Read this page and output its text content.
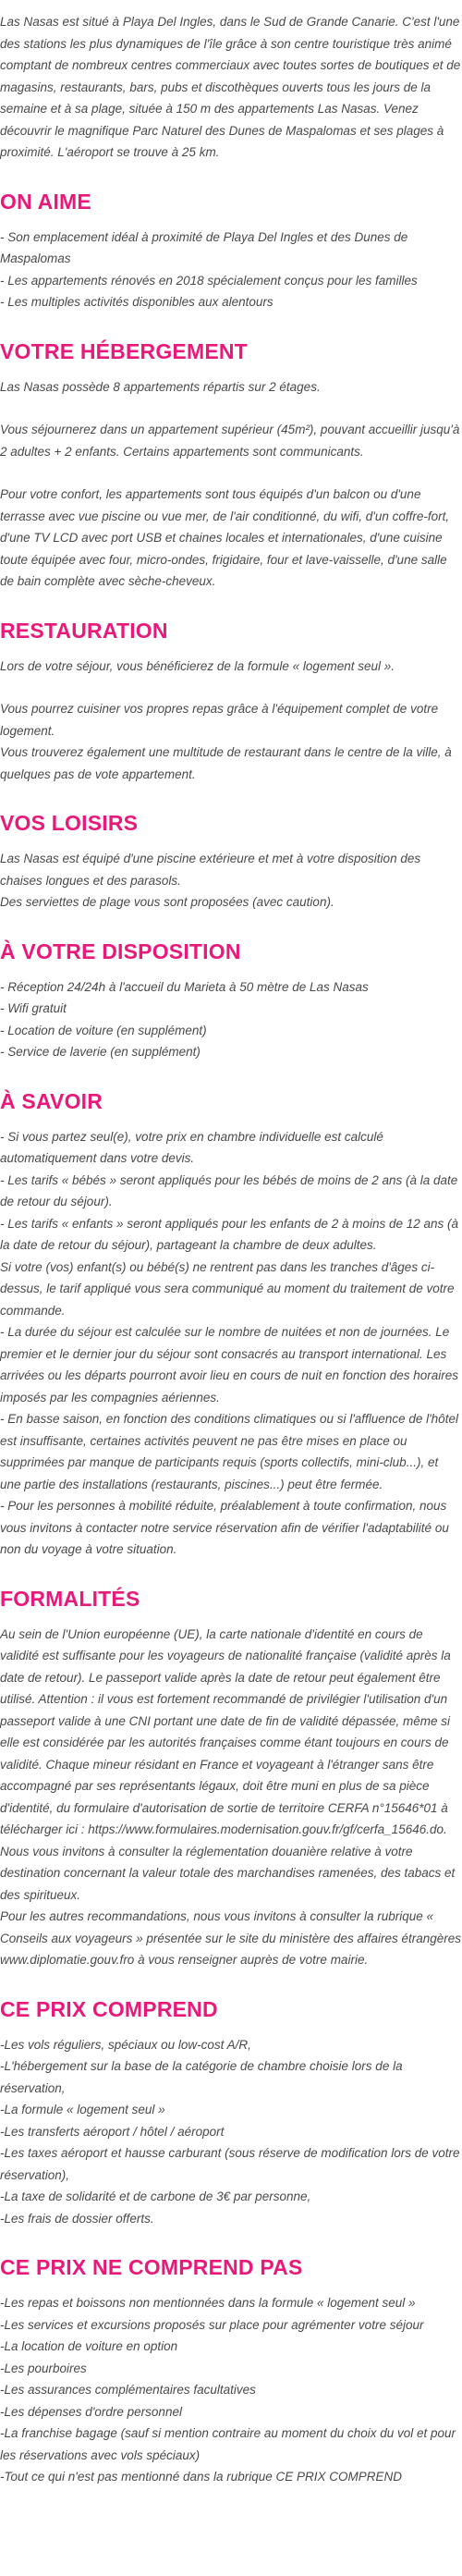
Las Nasas est situé à Playa Del Ingles, dans le Sud de Grande Canarie. C'est l'une des stations les plus dynamiques de l'île grâce à son centre touristique très animé comptant de nombreux centres commerciaux avec toutes sortes de boutiques et de magasins, restaurants, bars, pubs et discothèques ouverts tous les jours de la semaine et à sa plage, située à 150 m des appartements Las Nasas. Venez découvrir le magnifique Parc Naturel des Dunes de Maspalomas et ses plages à proximité. L'aéroport se trouve à 25 km.

ON AIME
- Son emplacement idéal à proximité de Playa Del Ingles et des Dunes de Maspalomas
- Les appartements rénovés en 2018 spécialement conçus pour les familles
- Les multiples activités disponibles aux alentours
VOTRE HÉBERGEMENT

Las Nasas possède 8 appartements répartis sur 2 étages.

Vous séjournerez dans un appartement supérieur (45m²), pouvant accueillir jusqu'à 2 adultes + 2 enfants. Certains appartements sont communicants.

Pour votre confort, les appartements sont tous équipés d'un balcon ou d'une terrasse avec vue piscine ou vue mer, de l'air conditionné, du wifi, d'un coffre-fort, d'une TV LCD avec port USB et chaines locales et internationales, d'une cuisine toute équipée avec four, micro-ondes, frigidaire, four et lave-vaisselle, d'une salle de bain complète avec sèche-cheveux.

RESTAURATION

Lors de votre séjour, vous bénéficierez de la formule « logement seul ».

Vous pourrez cuisiner vos propres repas grâce à l'équipement complet de votre logement.

Vous trouverez également une multitude de restaurant dans le centre de la ville, à quelques pas de vote appartement.

VOS LOISIRS

Las Nasas est équipé d'une piscine extérieure et met à votre disposition des chaises longues et des parasols.

Des serviettes de plage vous sont proposées (avec caution).

À VOTRE DISPOSITION
- Réception 24/24h à l'accueil du Marieta à 50 mètre de Las Nasas
- Wifi gratuit
- Location de voiture (en supplément)
- Service de laverie (en supplément)
À SAVOIR
- Si vous partez seul(e), votre prix en chambre individuelle est calculé automatiquement dans votre devis.
- Les tarifs « bébés » seront appliqués pour les bébés de moins de 2 ans (à la date de retour du séjour).
- Les tarifs « enfants » seront appliqués pour les enfants de 2 à moins de 12 ans (à la date de retour du séjour), partageant la chambre de deux adultes.
Si votre (vos) enfant(s) ou bébé(s) ne rentrent pas dans les tranches d'âges ci-dessus, le tarif appliqué vous sera communiqué au moment du traitement de votre commande.
- La durée du séjour est calculée sur le nombre de nuitées et non de journées. Le premier et le dernier jour du séjour sont consacrés au transport international. Les arrivées ou les départs pourront avoir lieu en cours de nuit en fonction des horaires imposés par les compagnies aériennes.
- En basse saison, en fonction des conditions climatiques ou si l'affluence de l'hôtel est insuffisante, certaines activités peuvent ne pas être mises en place ou supprimées par manque de participants requis (sports collectifs, mini-club...), et une partie des installations (restaurants, piscines...) peut être fermée.
- Pour les personnes à mobilité réduite, préalablement à toute confirmation, nous vous invitons à contacter notre service réservation afin de vérifier l'adaptabilité ou non du voyage à votre situation.
FORMALITÉS

Au sein de l'Union européenne (UE), la carte nationale d'identité en cours de validité est suffisante pour les voyageurs de nationalité française (validité après la date de retour). Le passeport valide après la date de retour peut également être utilisé. Attention : il vous est fortement recommandé de privilégier l'utilisation d'un passeport valide à une CNI portant une date de fin de validité dépassée, même si elle est considérée par les autorités françaises comme étant toujours en cours de validité. Chaque mineur résidant en France et voyageant à l'étranger sans être accompagné par ses représentants légaux, doit être muni en plus de sa pièce d'identité, du formulaire d'autorisation de sortie de territoire CERFA n°15646*01 à télécharger ici : https://www.formulaires.modernisation.gouv.fr/gf/cerfa_15646.do.

Nous vous invitons à consulter la réglementation douanière relative à votre destination concernant la valeur totale des marchandises ramenées, des tabacs et des spiritueux.

Pour les autres recommandations, nous vous invitons à consulter la rubrique « Conseils aux voyageurs » présentée sur le site du ministère des affaires étrangères www.diplomatie.gouv.fro à vous renseigner auprès de votre mairie.

CE PRIX COMPREND
-Les vols réguliers, spéciaux ou low-cost A/R,
-L'hébergement sur la base de la catégorie de chambre choisie lors de la réservation,
-La formule « logement seul »
-Les transferts aéroport / hôtel / aéroport
-Les taxes aéroport et hausse carburant (sous réserve de modification lors de votre réservation),
-La taxe de solidarité et de carbone de 3€ par personne,
-Les frais de dossier offerts.
CE PRIX NE COMPREND PAS
-Les repas et boissons non mentionnées dans la formule « logement seul »
-Les services et excursions proposés sur place pour agrémenter votre séjour
-La location de voiture en option
-Les pourboires
-Les assurances complémentaires facultatives
-Les dépenses d'ordre personnel
-La franchise bagage (sauf si mention contraire au moment du choix du vol et pour les réservations avec vols spéciaux)
-Tout ce qui n'est pas mentionné dans la rubrique CE PRIX COMPREND
